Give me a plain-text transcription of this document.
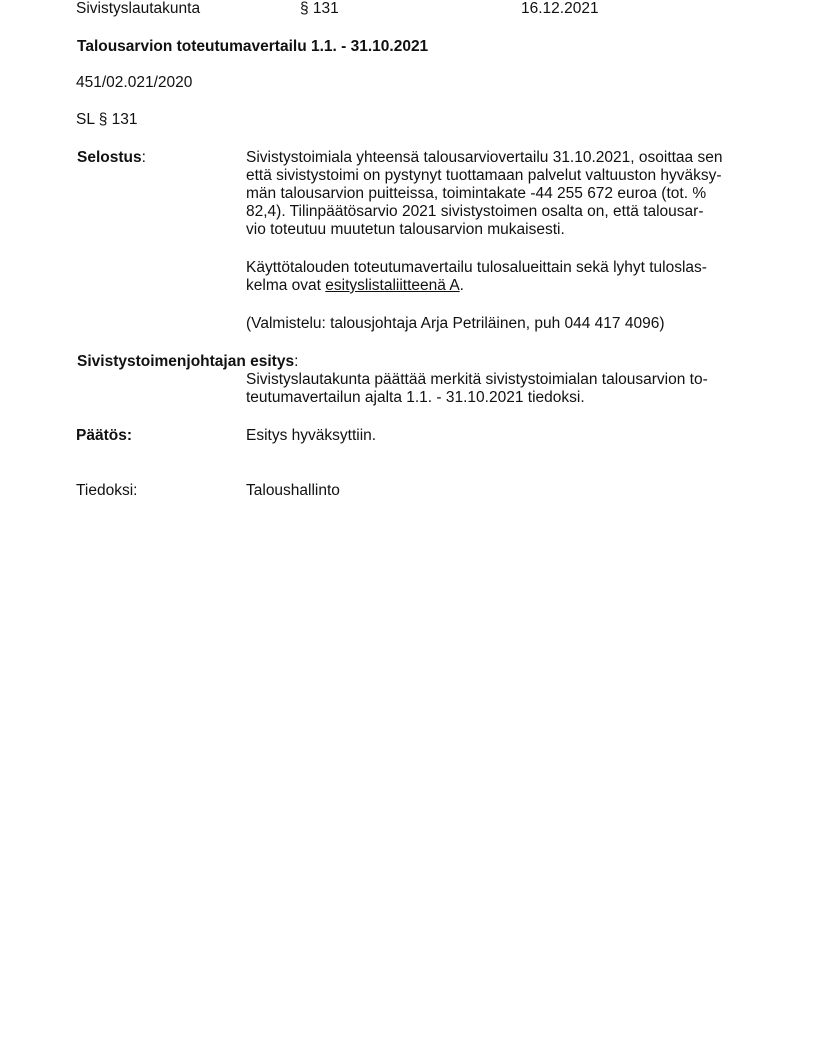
Sivistyslautakunta	§ 131	16.12.2021
Talousarvion toteutumavertailu 1.1. - 31.10.2021
451/02.021/2020
SL § 131
Selostus:	Sivistystoimiala yhteensä talousarviovertailu 31.10.2021, osoittaa sen
että sivistystoimi on pystynyt tuottamaan palvelut valtuuston hyväksy-
män talousarvion puitteissa, toimintakate -44 255 672 euroa (tot. %
82,4). Tilinpäätösarvio 2021 sivistystoimen osalta on, että talousar-
vio toteutuu muutetun talousarvion mukaisesti.
Käyttötalouden toteutumavertailu tulosalueittain sekä lyhyt tuloslas-
kelma ovat esityslistaliitteenä A.
(Valmistelu: talousjohtaja Arja Petriläinen, puh 044 417 4096)
Sivistystoimenjohtajan esitys:
Sivistyslautakunta päättää merkitä sivistystoimialan talousarvion to-
teutumavertailun ajalta 1.1. - 31.10.2021 tiedoksi.
Päätös:	Esitys hyväksyttiin.
Tiedoksi:	Taloushallinto
